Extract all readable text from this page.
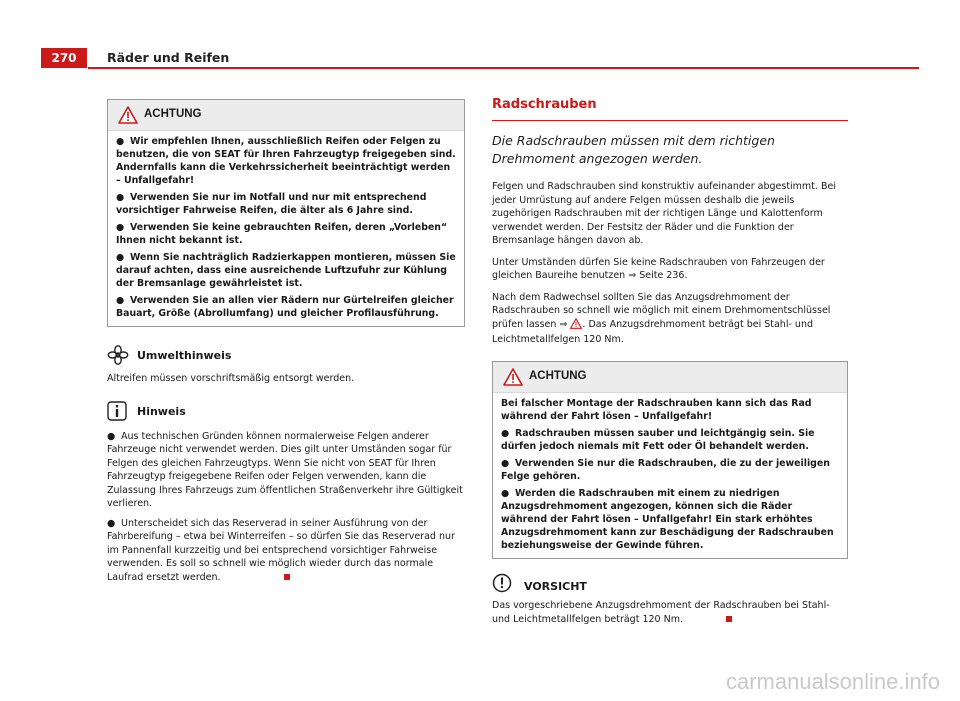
270	Räder und Reifen
ACHTUNG

● Wir empfehlen Ihnen, ausschließlich Reifen oder Felgen zu benutzen, die von SEAT für Ihren Fahrzeugtyp freigegeben sind. Andernfalls kann die Verkehrssicherheit beeinträchtigt werden – Unfallgefahr!

● Verwenden Sie nur im Notfall und nur mit entsprechend vorsichtiger Fahrweise Reifen, die älter als 6 Jahre sind.

● Verwenden Sie keine gebrauchten Reifen, deren „Vorleben“ Ihnen nicht bekannt ist.

● Wenn Sie nachträglich Radzierkappen montieren, müssen Sie darauf achten, dass eine ausreichende Luftzufuhr zur Kühlung der Bremsanlage gewährleistet ist.

● Verwenden Sie an allen vier Rädern nur Gürtelreifen gleicher Bauart, Größe (Abrollumfang) und gleicher Profilausführung.

Umwelthinweis
Altreifen müssen vorschriftsmäßig entsorgt werden.
Hinweis

● Aus technischen Gründen können normalerweise Felgen anderer Fahrzeuge nicht verwendet werden. Dies gilt unter Umständen sogar für Felgen des gleichen Fahrzeugtyps. Wenn Sie nicht von SEAT für Ihren Fahrzeugtyp freigegebene Reifen oder Felgen verwenden, kann die Zulassung Ihres Fahrzeugs zum öffentlichen Straßenverkehr ihre Gültigkeit verlieren.

● Unterscheidet sich das Reserverad in seiner Ausführung von der Fahrbereifung – etwa bei Winterreifen – so dürfen Sie das Reserverad nur im Pannenfall kurzzeitig und bei entsprechend vorsichtiger Fahrweise verwenden. Es soll so schnell wie möglich wieder durch das normale Laufrad ersetzt werden.

Radschrauben
Die Radschrauben müssen mit dem richtigen Drehmoment angezogen werden.

Felgen und Radschrauben sind konstruktiv aufeinander abgestimmt. Bei jeder Umrüstung auf andere Felgen müssen deshalb die jeweils zugehörigen Radschrauben mit der richtigen Länge und Kalottenform verwendet werden. Der Festsitz der Räder und die Funktion der Bremsanlage hängen davon ab.

Unter Umständen dürfen Sie keine Radschrauben von Fahrzeugen der gleichen Baureihe benutzen ⇒ Seite 236.

Nach dem Radwechsel sollten Sie das Anzugsdrehmoment der Radschrauben so schnell wie möglich mit einem Drehmomentschlüssel prüfen lassen ⇒ . Das Anzugsdrehmoment beträgt bei Stahl- und Leichtmetallfelgen 120 Nm.

ACHTUNG

Bei falscher Montage der Radschrauben kann sich das Rad während der Fahrt lösen – Unfallgefahr!

● Radschrauben müssen sauber und leichtgängig sein. Sie dürfen jedoch niemals mit Fett oder Öl behandelt werden.

● Verwenden Sie nur die Radschrauben, die zu der jeweiligen Felge gehören.

● Werden die Radschrauben mit einem zu niedrigen Anzugsdrehmoment angezogen, können sich die Räder während der Fahrt lösen – Unfallgefahr! Ein stark erhöhtes Anzugsdrehmoment kann zur Beschädigung der Radschrauben beziehungsweise der Gewinde führen.

VORSICHT
Das vorgeschriebene Anzugsdrehmoment der Radschrauben bei Stahl- und Leichtmetallfelgen beträgt 120 Nm.
carmanualsonline.info
